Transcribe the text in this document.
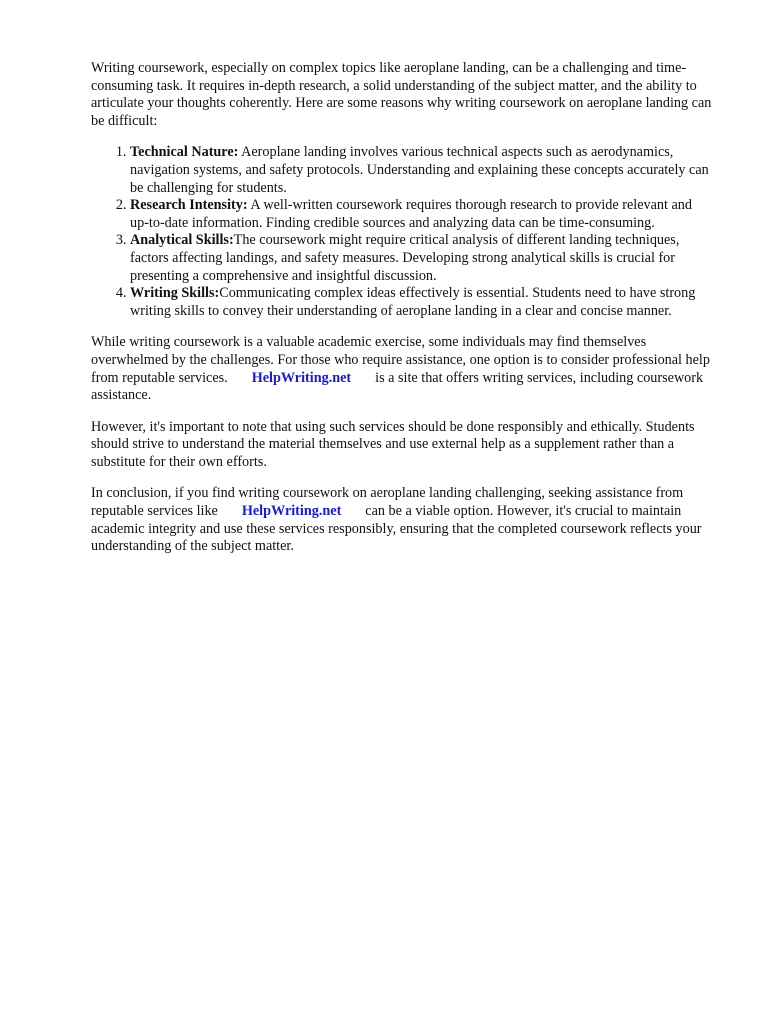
Writing coursework, especially on complex topics like aeroplane landing, can be a challenging and time-consuming task. It requires in-depth research, a solid understanding of the subject matter, and the ability to articulate your thoughts coherently. Here are some reasons why writing coursework on aeroplane landing can be difficult:

1. Technical Nature: Aeroplane landing involves various technical aspects such as aerodynamics, navigation systems, and safety protocols. Understanding and explaining these concepts accurately can be challenging for students.
2. Research Intensity: A well-written coursework requires thorough research to provide relevant and up-to-date information. Finding credible sources and analyzing data can be time-consuming.
3. Analytical Skills:The coursework might require critical analysis of different landing techniques, factors affecting landings, and safety measures. Developing strong analytical skills is crucial for presenting a comprehensive and insightful discussion.
4. Writing Skills:Communicating complex ideas effectively is essential. Students need to have strong writing skills to convey their understanding of aeroplane landing in a clear and concise manner.

While writing coursework is a valuable academic exercise, some individuals may find themselves overwhelmed by the challenges. For those who require assistance, one option is to consider professional help from reputable services. HelpWriting.net is a site that offers writing services, including coursework assistance.

However, it's important to note that using such services should be done responsibly and ethically. Students should strive to understand the material themselves and use external help as a supplement rather than a substitute for their own efforts.

In conclusion, if you find writing coursework on aeroplane landing challenging, seeking assistance from reputable services like HelpWriting.net can be a viable option. However, it's crucial to maintain academic integrity and use these services responsibly, ensuring that the completed coursework reflects your understanding of the subject matter.
